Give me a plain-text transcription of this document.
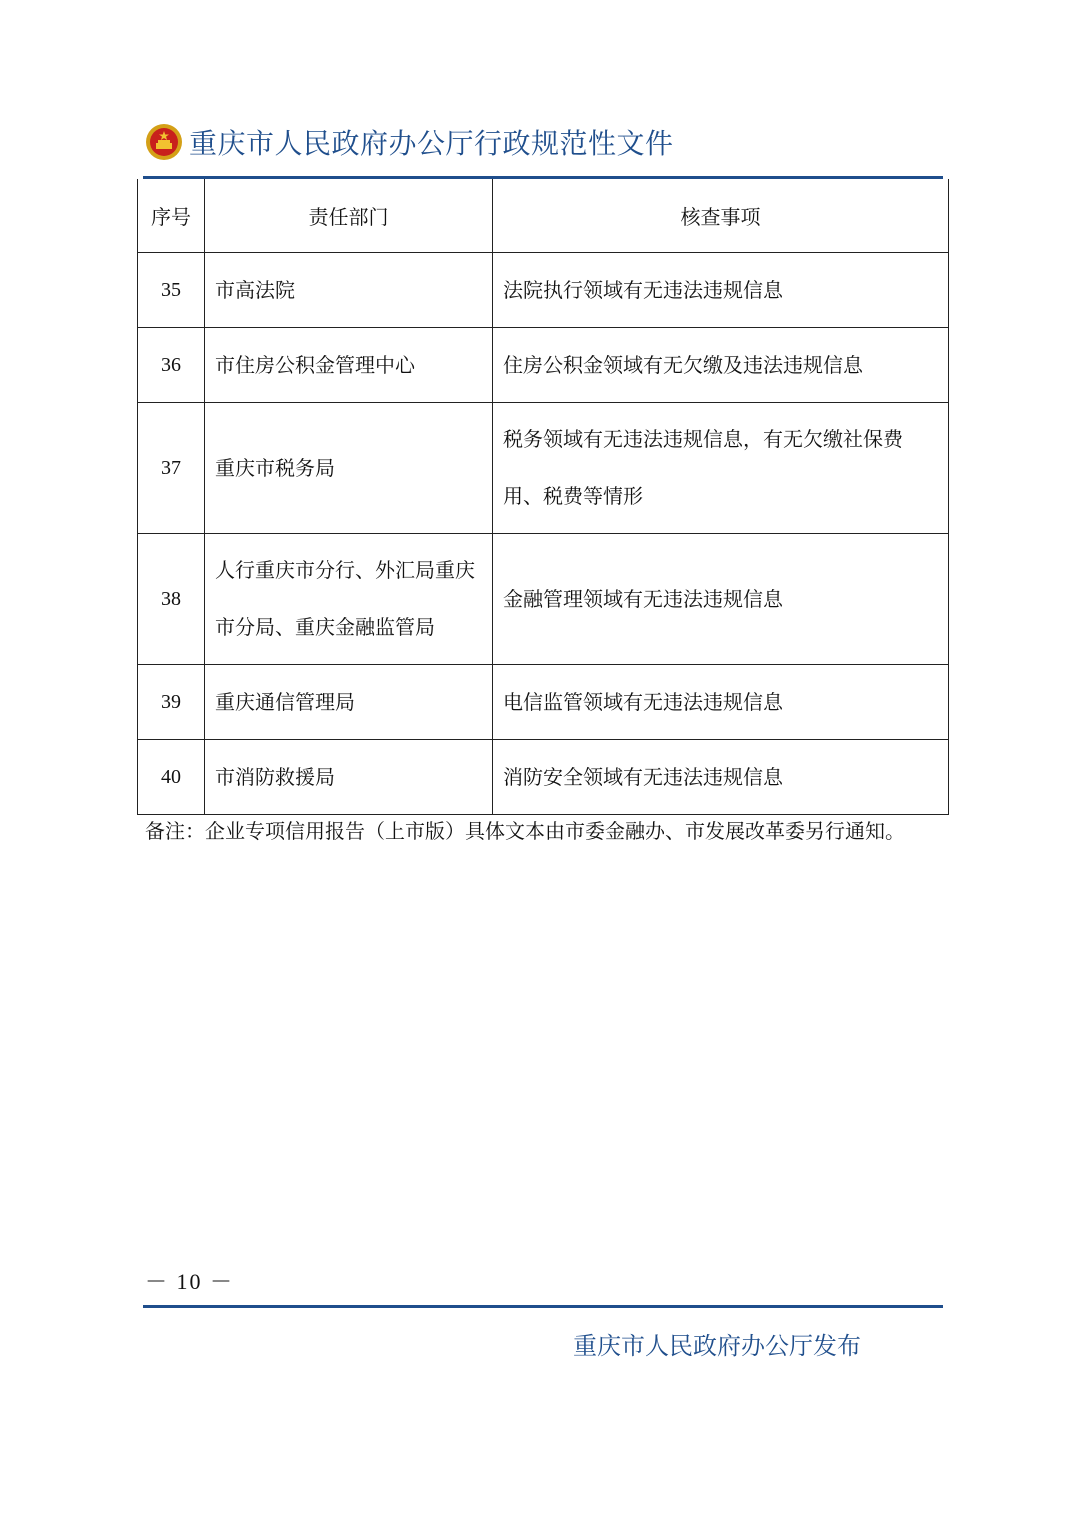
重庆市人民政府办公厅行政规范性文件
序号	责任部门	核查事项
35	市高法院	法院执行领域有无违法违规信息
36	市住房公积金管理中心	住房公积金领域有无欠缴及违法违规信息
37	重庆市税务局	税务领域有无违法违规信息，有无欠缴社保费用、税费等情形
38	人行重庆市分行、外汇局重庆市分局、重庆金融监管局	金融管理领域有无违法违规信息
39	重庆通信管理局	电信监管领域有无违法违规信息
40	市消防救援局	消防安全领域有无违法违规信息
备注：企业专项信用报告（上市版）具体文本由市委金融办、市发展改革委另行通知。
－ 10 －
重庆市人民政府办公厅发布
